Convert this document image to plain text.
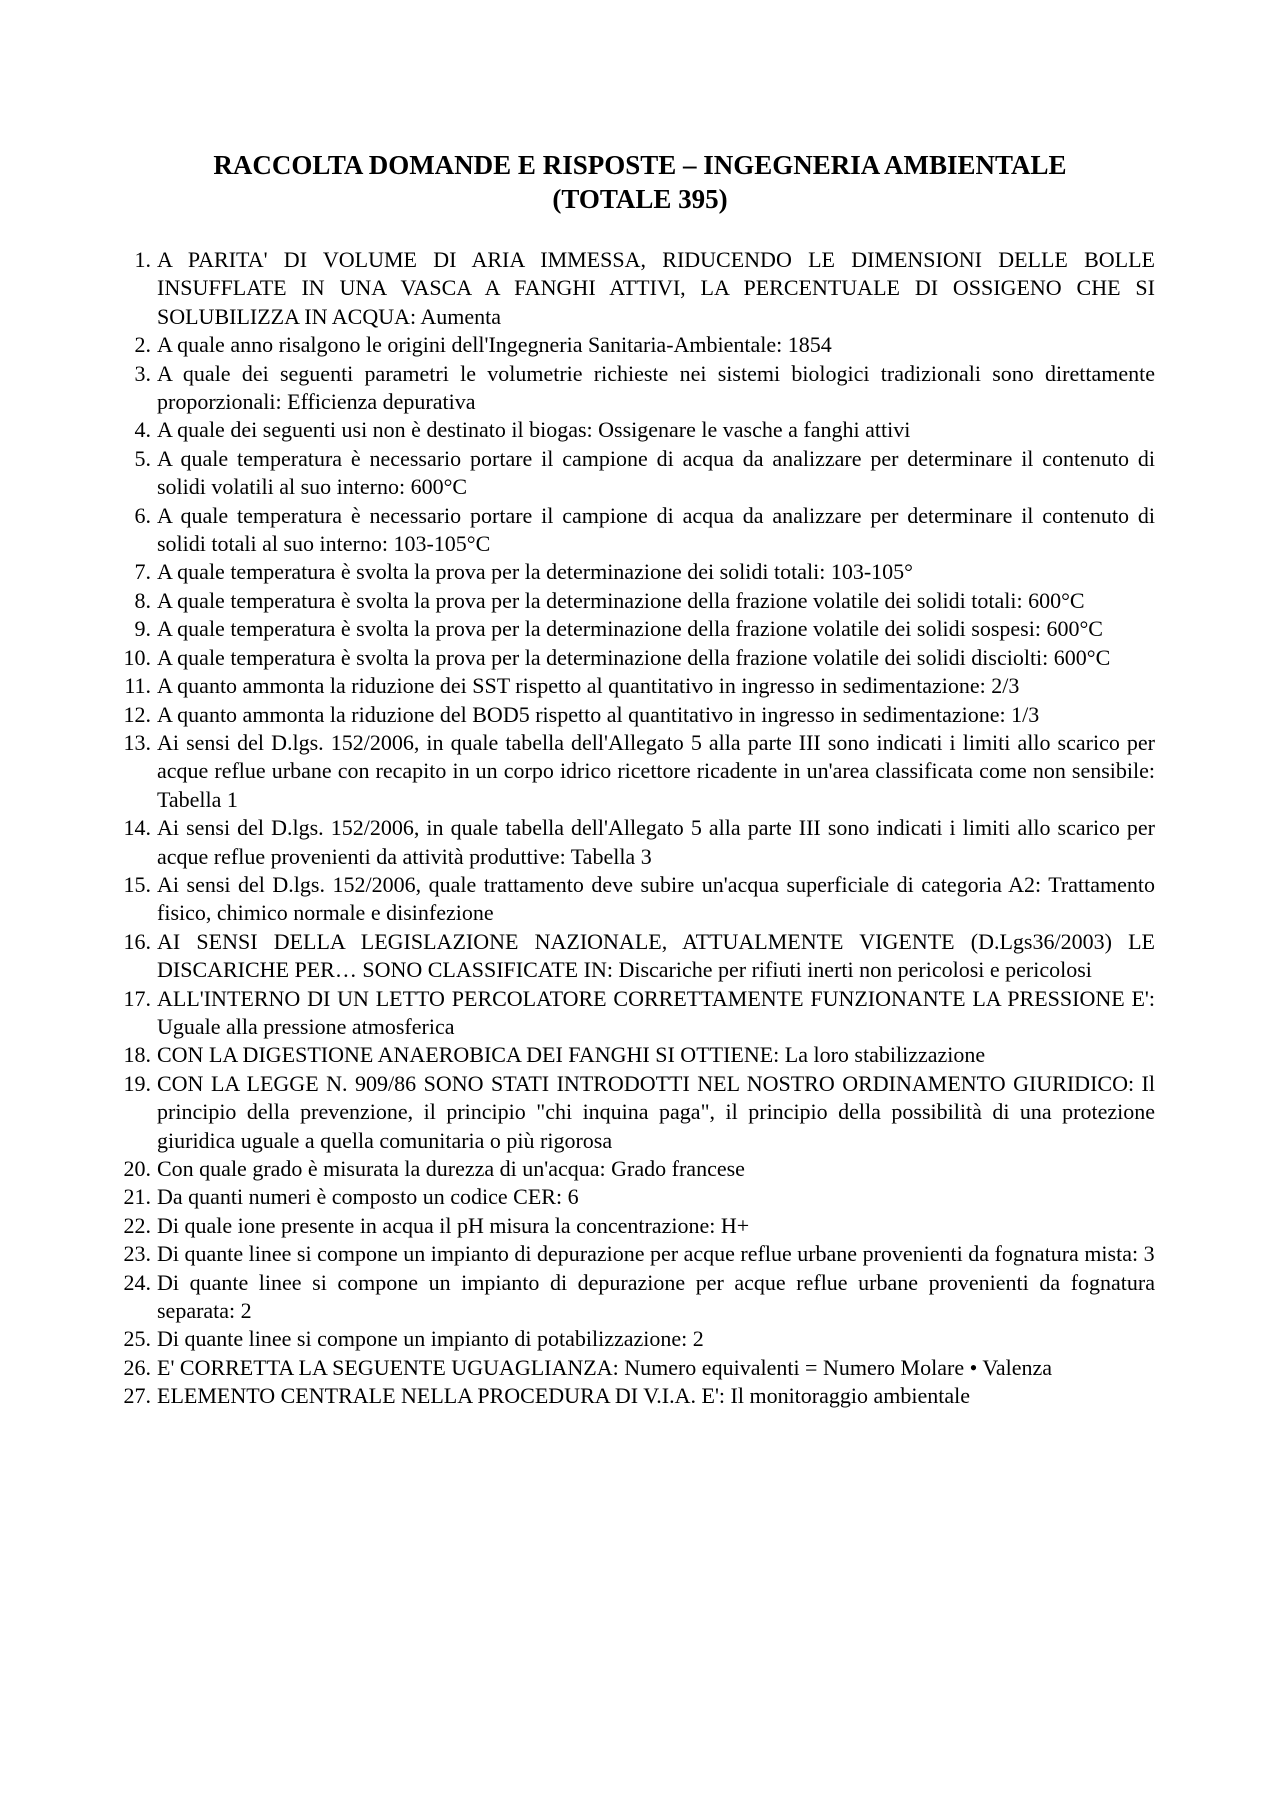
RACCOLTA DOMANDE E RISPOSTE – INGEGNERIA AMBIENTALE
(TOTALE 395)
1. A PARITA' DI VOLUME DI ARIA IMMESSA, RIDUCENDO LE DIMENSIONI DELLE BOLLE INSUFFLATE IN UNA VASCA A FANGHI ATTIVI, LA PERCENTUALE DI OSSIGENO CHE SI SOLUBILIZZA IN ACQUA: Aumenta
2. A quale anno risalgono le origini dell'Ingegneria Sanitaria-Ambientale: 1854
3. A quale dei seguenti parametri le volumetrie richieste nei sistemi biologici tradizionali sono direttamente proporzionali: Efficienza depurativa
4. A quale dei seguenti usi non è destinato il biogas: Ossigenare le vasche a fanghi attivi
5. A quale temperatura è necessario portare il campione di acqua da analizzare per determinare il contenuto di solidi volatili al suo interno: 600°C
6. A quale temperatura è necessario portare il campione di acqua da analizzare per determinare il contenuto di solidi totali al suo interno: 103-105°C
7. A quale temperatura è svolta la prova per la determinazione dei solidi totali: 103-105°
8. A quale temperatura è svolta la prova per la determinazione della frazione volatile dei solidi totali: 600°C
9. A quale temperatura è svolta la prova per la determinazione della frazione volatile dei solidi sospesi: 600°C
10. A quale temperatura è svolta la prova per la determinazione della frazione volatile dei solidi disciolti: 600°C
11. A quanto ammonta la riduzione dei SST rispetto al quantitativo in ingresso in sedimentazione: 2/3
12. A quanto ammonta la riduzione del BOD5 rispetto al quantitativo in ingresso in sedimentazione: 1/3
13. Ai sensi del D.lgs. 152/2006, in quale tabella dell'Allegato 5 alla parte III sono indicati i limiti allo scarico per acque reflue urbane con recapito in un corpo idrico ricettore ricadente in un'area classificata come non sensibile: Tabella 1
14. Ai sensi del D.lgs. 152/2006, in quale tabella dell'Allegato 5 alla parte III sono indicati i limiti allo scarico per acque reflue provenienti da attività produttive: Tabella 3
15. Ai sensi del D.lgs. 152/2006, quale trattamento deve subire un'acqua superficiale di categoria A2: Trattamento fisico, chimico normale e disinfezione
16. AI SENSI DELLA LEGISLAZIONE NAZIONALE, ATTUALMENTE VIGENTE (D.Lgs36/2003) LE DISCARICHE PER… SONO CLASSIFICATE IN: Discariche per rifiuti inerti non pericolosi e pericolosi
17. ALL'INTERNO DI UN LETTO PERCOLATORE CORRETTAMENTE FUNZIONANTE LA PRESSIONE E': Uguale alla pressione atmosferica
18. CON LA DIGESTIONE ANAEROBICA DEI FANGHI SI OTTIENE: La loro stabilizzazione
19. CON LA LEGGE N. 909/86 SONO STATI INTRODOTTI NEL NOSTRO ORDINAMENTO GIURIDICO: Il principio della prevenzione, il principio "chi inquina paga", il principio della possibilità di una protezione giuridica uguale a quella comunitaria o più rigorosa
20. Con quale grado è misurata la durezza di un'acqua: Grado francese
21. Da quanti numeri è composto un codice CER: 6
22. Di quale ione presente in acqua il pH misura la concentrazione: H+
23. Di quante linee si compone un impianto di depurazione per acque reflue urbane provenienti da fognatura mista: 3
24. Di quante linee si compone un impianto di depurazione per acque reflue urbane provenienti da fognatura separata: 2
25. Di quante linee si compone un impianto di potabilizzazione: 2
26. E' CORRETTA LA SEGUENTE UGUAGLIANZA: Numero equivalenti = Numero Molare • Valenza
27. ELEMENTO CENTRALE NELLA PROCEDURA DI V.I.A. E': Il monitoraggio ambientale
